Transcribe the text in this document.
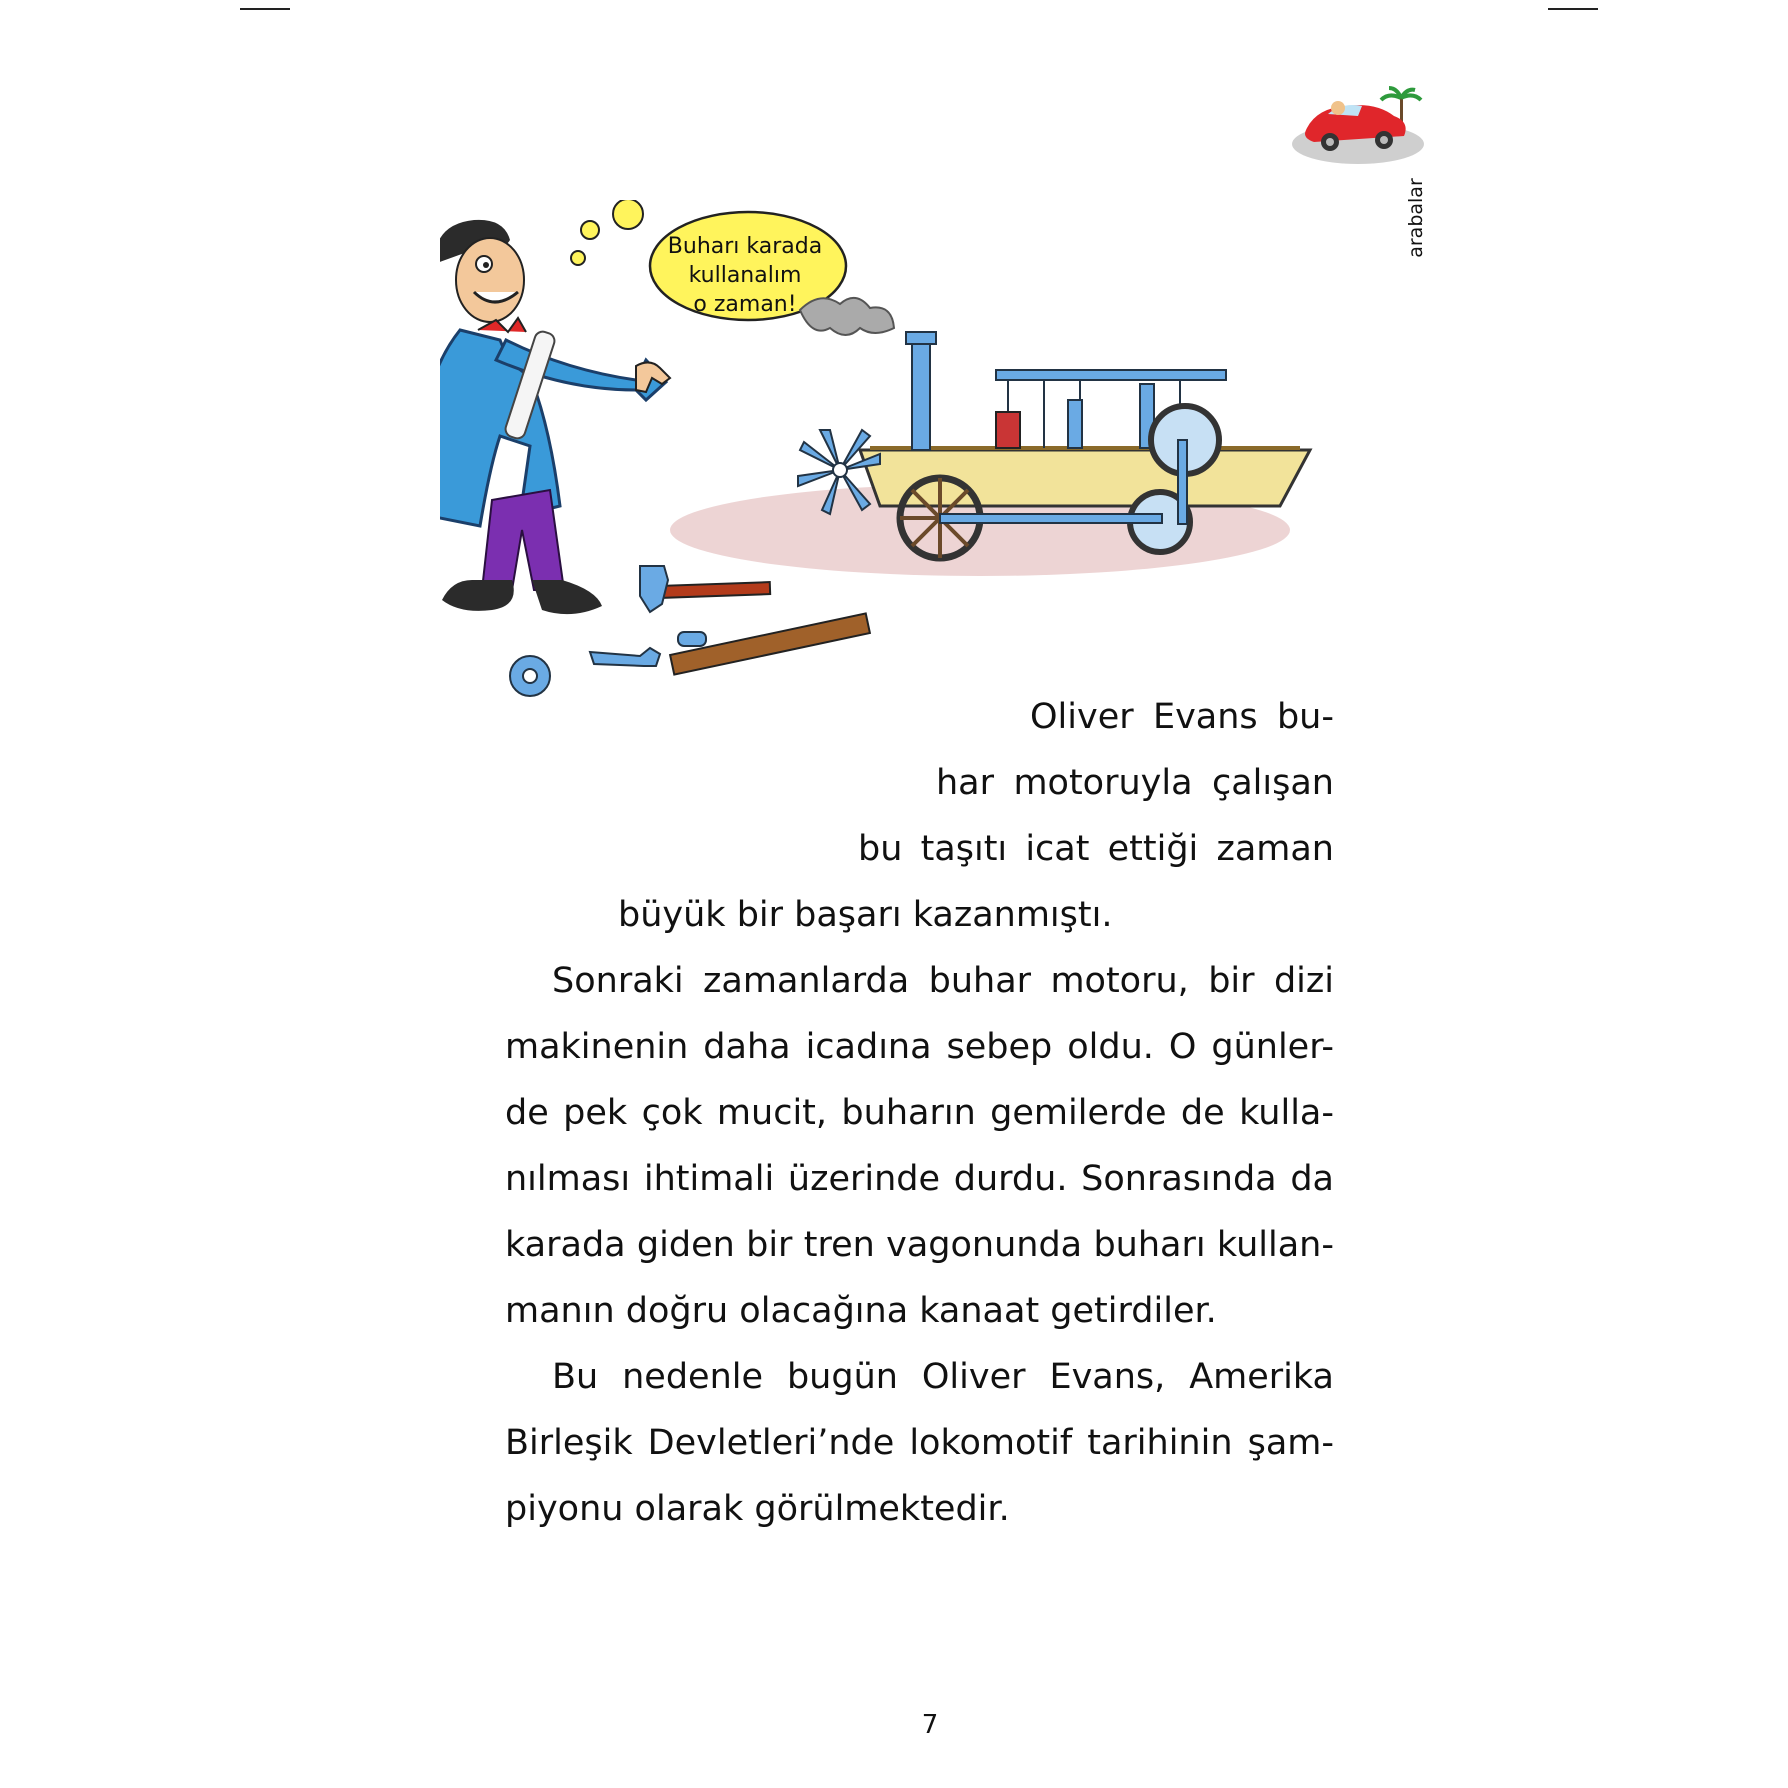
arabalar
Buharı karada
kullanalım
o zaman!
Oliver Evans bu-
har motoruyla çalışan
bu taşıtı icat ettiği zaman
büyük bir başarı kazanmıştı.
Sonraki zamanlarda buhar motoru, bir dizi
makinenin daha icadına sebep oldu. O günler-
de pek çok mucit, buharın gemilerde de kulla-
nılması ihtimali üzerinde durdu. Sonrasında da
karada giden bir tren vagonunda buharı kullan-
manın doğru olacağına kanaat getirdiler.
Bu nedenle bugün Oliver Evans, Amerika
Birleşik Devletleri’nde lokomotif tarihinin şam-
piyonu olarak görülmektedir.
7
